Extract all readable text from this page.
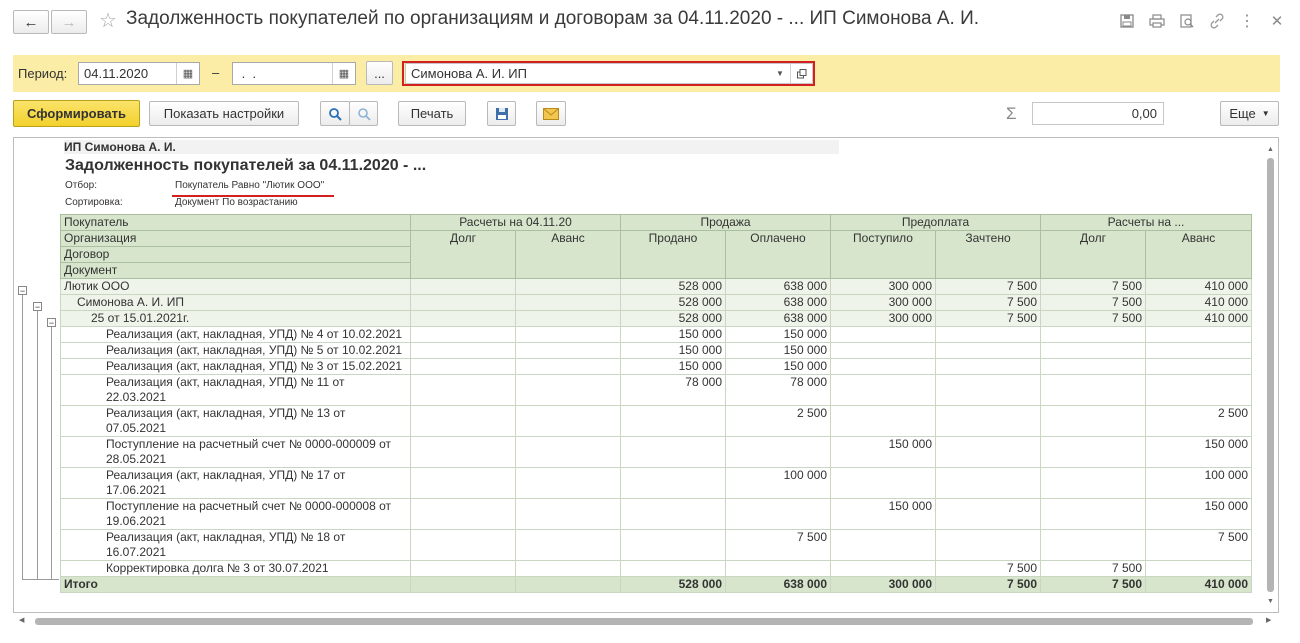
←	→	☆ Задолженность покупателей по организациям и договорам за 04.11.2020 - ... ИП Симонова А. И.	⋮ ✕
Период: 04.11.2020	▦	– .  .	▦	...	Симонова А. И. ИП	▼
Сформировать	Показать настройки	Печать	Σ	0,00	Еще ▼
ИП Симонова А. И.
Задолженность покупателей за 04.11.2020 - ...
Отбор:	Покупатель Равно "Лютик ООО"
Сортировка:	Документ По возрастанию
−
−
−
▲
▼
Покупатель	Расчеты на 04.11.20		Продажа		Предоплата		Расчеты на ...	
Организация	Долг	Аванс	Продано	Оплачено	Поступило	Зачтено	Долг	Аванс
Договор								
Документ								
Лютик ООО			528 000	638 000	300 000	7 500	7 500	410 000
Симонова А. И. ИП			528 000	638 000	300 000	7 500	7 500	410 000
25 от 15.01.2021г.			528 000	638 000	300 000	7 500	7 500	410 000
Реализация (акт, накладная, УПД) № 4 от 10.02.2021			150 000	150 000				
Реализация (акт, накладная, УПД) № 5 от 10.02.2021			150 000	150 000				
Реализация (акт, накладная, УПД) № 3 от 15.02.2021			150 000	150 000				
Реализация (акт, накладная, УПД) № 11 от 22.03.2021			78 000	78 000				
Реализация (акт, накладная, УПД) № 13 от 07.05.2021				2 500				2 500
Поступление на расчетный счет № 0000-000009 от 28.05.2021					150 000			150 000
Реализация (акт, накладная, УПД) № 17 от 17.06.2021				100 000				100 000
Поступление на расчетный счет № 0000-000008 от 19.06.2021					150 000			150 000
Реализация (акт, накладная, УПД) № 18 от 16.07.2021				7 500				7 500
Корректировка долга № 3 от 30.07.2021						7 500	7 500	
Итого			528 000	638 000	300 000	7 500	7 500	410 000
◀	▶
